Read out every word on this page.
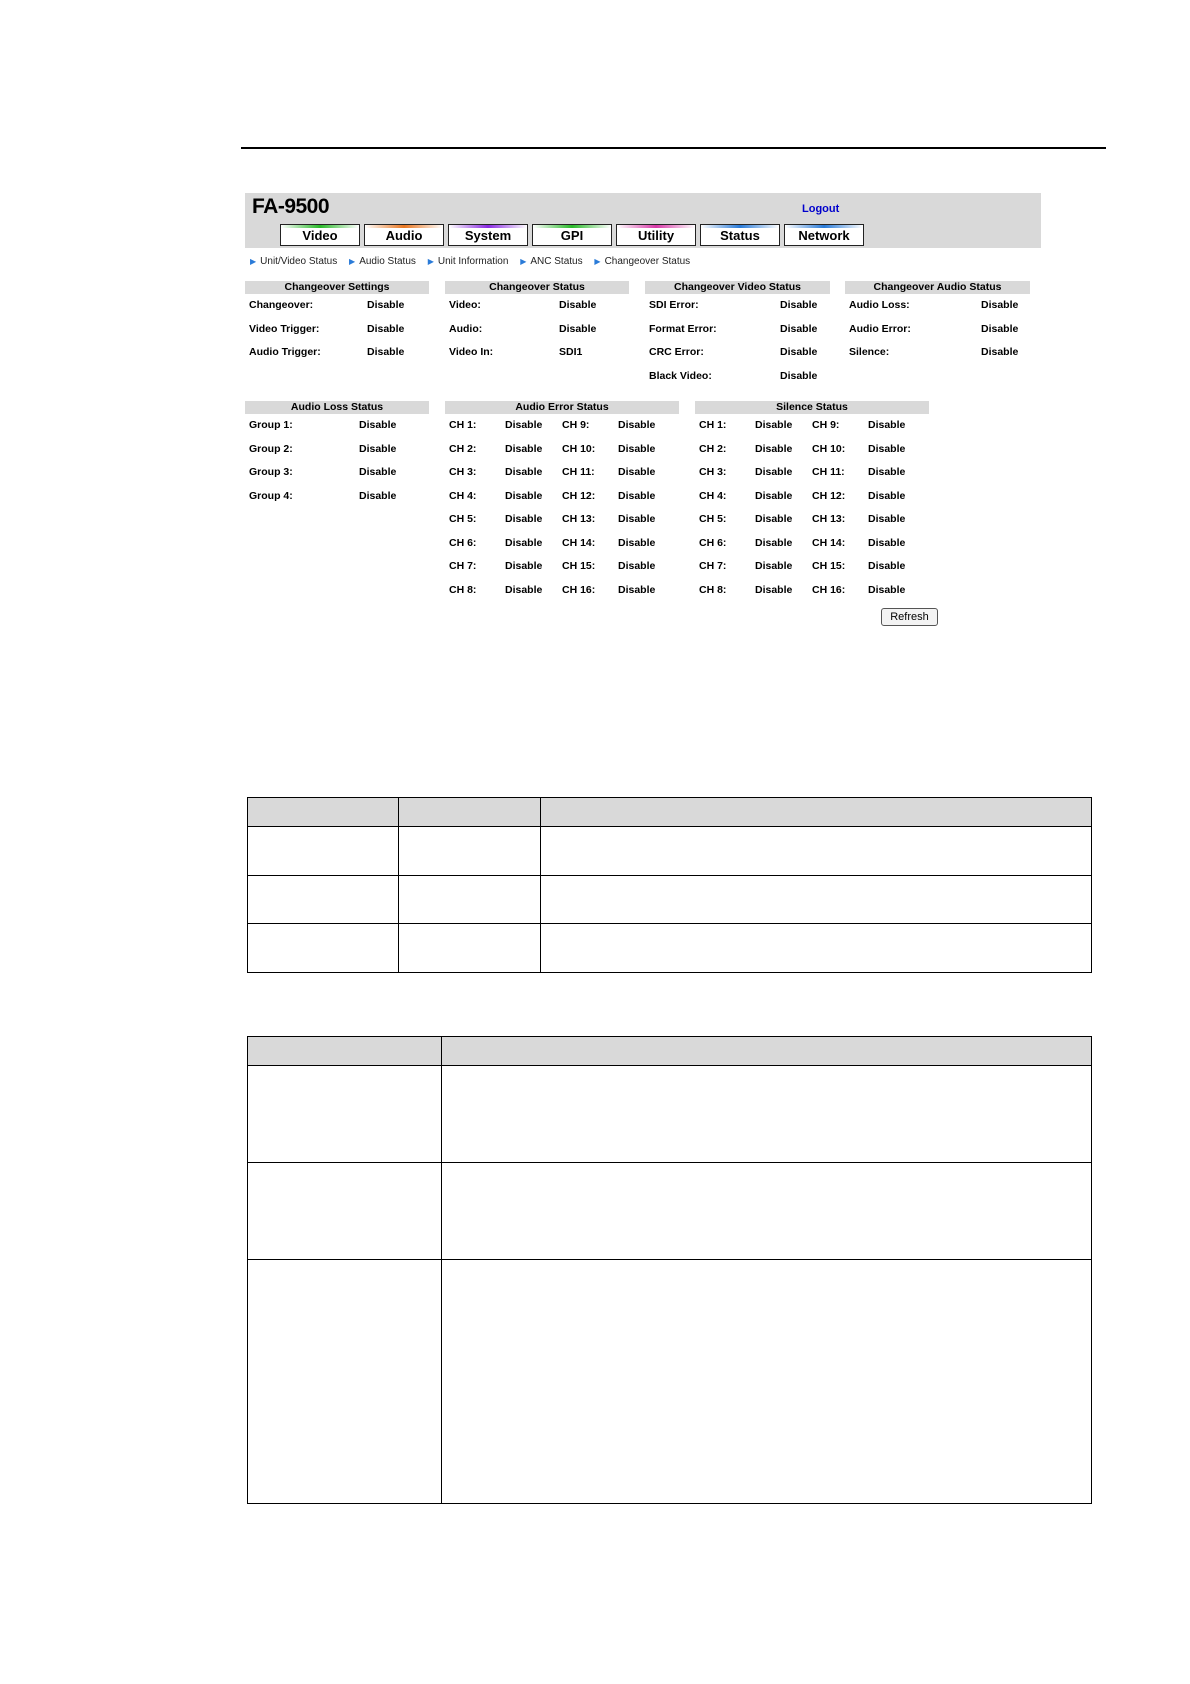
FA-9500	Logout
Video	Audio	System	GPI	Utility	Status	Network
▶ Unit/Video Status ▶ Audio Status ▶ Unit Information ▶ ANC Status ▶ Changeover Status
Changeover Settings
Changeover:	Disable
Video Trigger:	Disable
Audio Trigger:	Disable
Changeover Status
Video:	Disable
Audio:	Disable
Video In:	SDI1
Changeover Video Status
SDI Error:	Disable
Format Error:	Disable
CRC Error:	Disable
Black Video:	Disable
Changeover Audio Status
Audio Loss:	Disable
Audio Error:	Disable
Silence:	Disable
Audio Loss Status
Group 1:	Disable
Group 2:	Disable
Group 3:	Disable
Group 4:	Disable
Audio Error Status
CH 1:	Disable CH 9:	Disable
CH 2:	Disable CH 10: Disable
CH 3:	Disable CH 11: Disable
CH 4:	Disable CH 12: Disable
CH 5:	Disable CH 13: Disable
CH 6:	Disable CH 14: Disable
CH 7:	Disable CH 15: Disable
CH 8:	Disable CH 16: Disable
Silence Status
CH 1:	Disable CH 9:	Disable
CH 2:	Disable CH 10: Disable
CH 3:	Disable CH 11: Disable
CH 4:	Disable CH 12: Disable
CH 5:	Disable CH 13: Disable
CH 6:	Disable CH 14: Disable
CH 7:	Disable CH 15: Disable
CH 8:	Disable CH 16: Disable
Refresh
